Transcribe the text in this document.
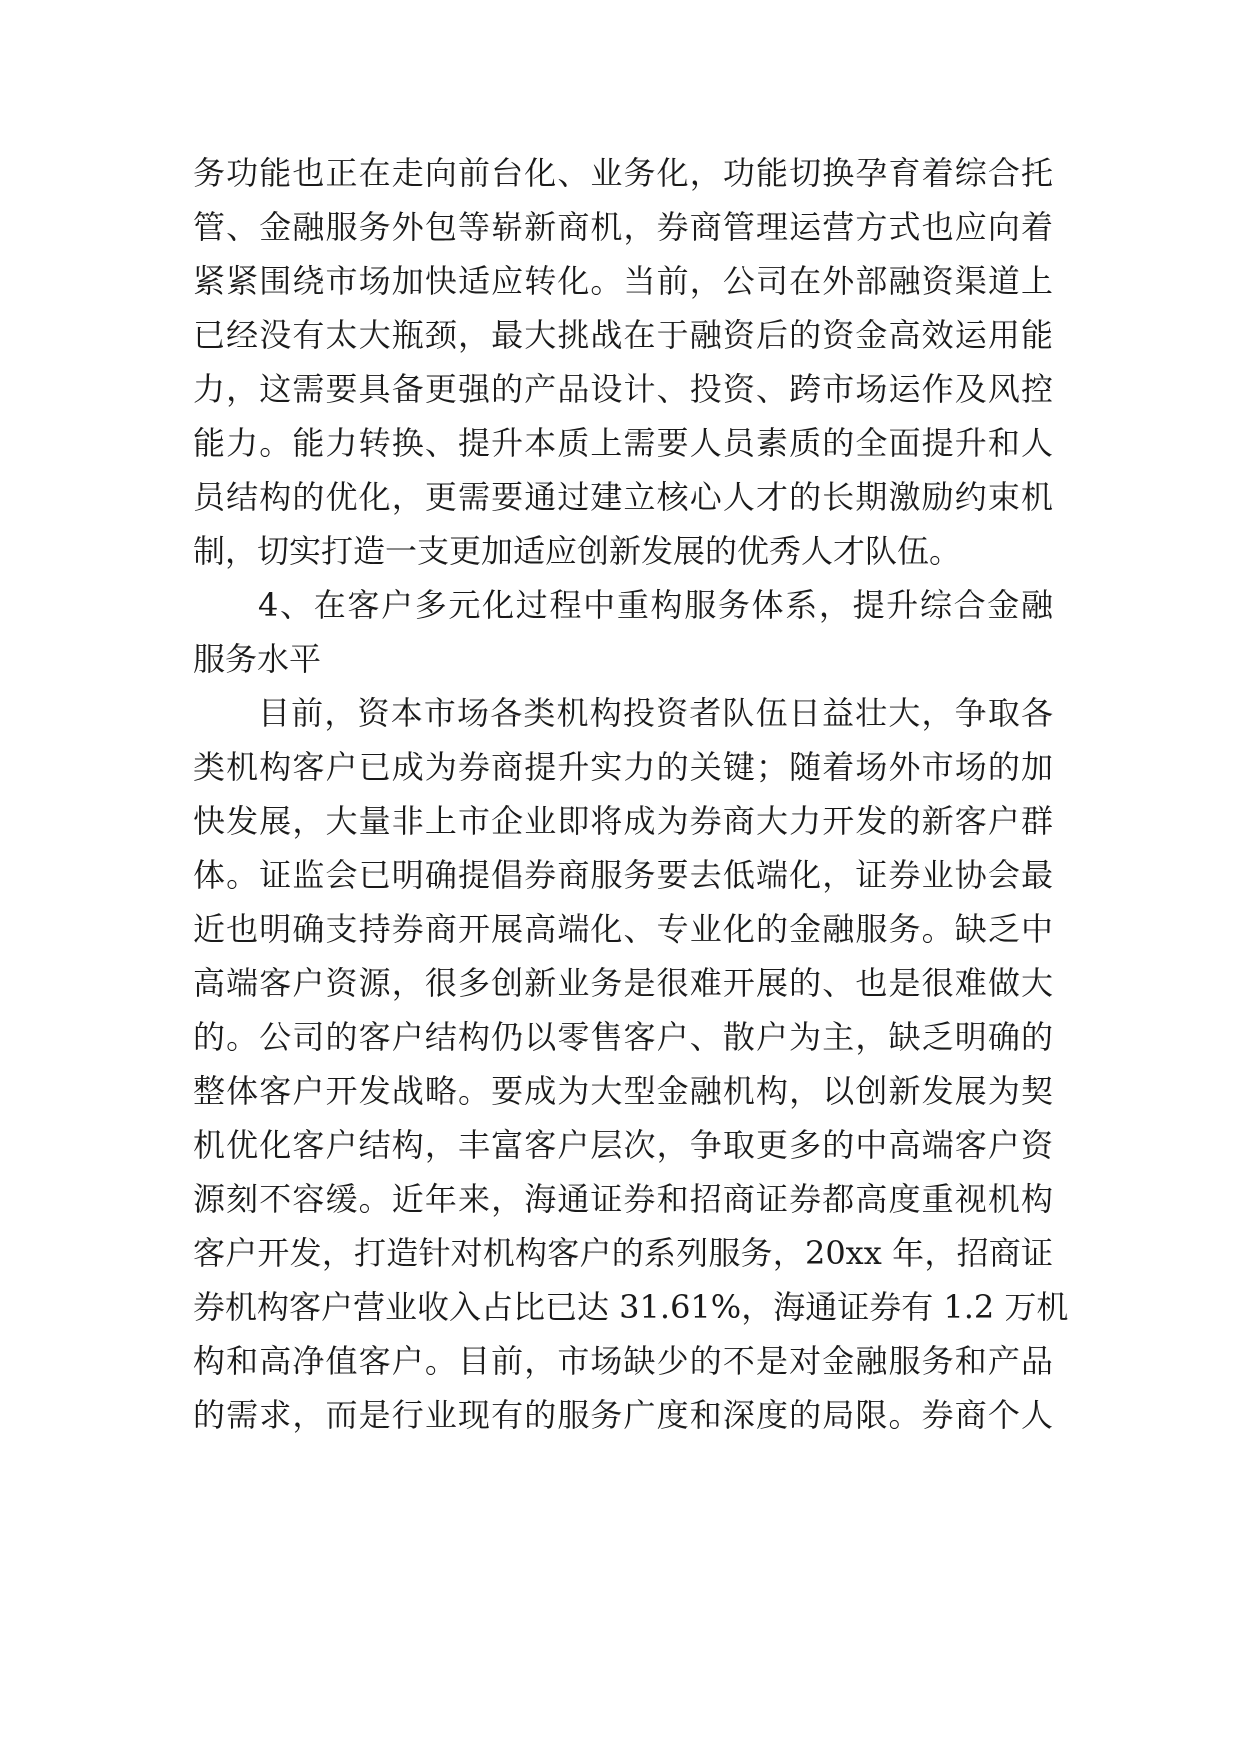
务功能也正在走向前台化、业务化，功能切换孕育着综合托

管、金融服务外包等崭新商机，券商管理运营方式也应向着

紧紧围绕市场加快适应转化。当前，公司在外部融资渠道上

已经没有太大瓶颈，最大挑战在于融资后的资金高效运用能

力，这需要具备更强的产品设计、投资、跨市场运作及风控

能力。能力转换、提升本质上需要人员素质的全面提升和人

员结构的优化，更需要通过建立核心人才的长期激励约束机

制，切实打造一支更加适应创新发展的优秀人才队伍。

4、在客户多元化过程中重构服务体系，提升综合金融

服务水平

目前，资本市场各类机构投资者队伍日益壮大，争取各

类机构客户已成为券商提升实力的关键；随着场外市场的加

快发展，大量非上市企业即将成为券商大力开发的新客户群

体。证监会已明确提倡券商服务要去低端化，证券业协会最

近也明确支持券商开展高端化、专业化的金融服务。缺乏中

高端客户资源，很多创新业务是很难开展的、也是很难做大

的。公司的客户结构仍以零售客户、散户为主，缺乏明确的

整体客户开发战略。要成为大型金融机构，以创新发展为契

机优化客户结构，丰富客户层次，争取更多的中高端客户资

源刻不容缓。近年来，海通证券和招商证券都高度重视机构

客户开发，打造针对机构客户的系列服务，20xx 年，招商证

券机构客户营业收入占比已达 31.61%，海通证券有 1.2 万机

构和高净值客户。目前，市场缺少的不是对金融服务和产品

的需求，而是行业现有的服务广度和深度的局限。券商个人
